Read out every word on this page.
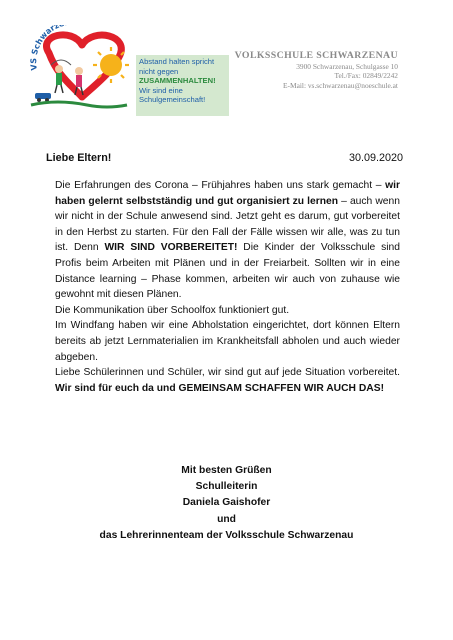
VS Schwarz
Abstand halten spricht
nicht gegen
ZUSAMMENHALTEN!
Wir sind eine
Schulgemeinschaft!
VOLKSSCHULE SCHWARZENAU
3900 Schwarzenau, Schulgasse 10
Tel./Fax: 02849/2242
E-Mail: vs.schwarzenau@noeschule.at
Liebe Eltern!	30.09.2020

Die Erfahrungen des Corona – Frühjahres haben uns stark gemacht – wir haben gelernt selbstständig und gut organisiert zu lernen – auch wenn wir nicht in der Schule anwesend sind. Jetzt geht es darum, gut vorbereitet in den Herbst zu starten. Für den Fall der Fälle wissen wir alle, was zu tun ist. Denn WIR SIND VORBEREITET! Die Kinder der Volksschule sind Profis beim Arbeiten mit Plänen und in der Freiarbeit. Sollten wir in eine Distance learning – Phase kommen, arbeiten wir auch von zuhause wie gewohnt mit diesen Plänen.

Die Kommunikation über Schoolfox funktioniert gut.

Im Windfang haben wir eine Abholstation eingerichtet, dort können Eltern bereits ab jetzt Lernmaterialien im Krankheitsfall abholen und auch wieder abgeben.

Liebe Schülerinnen und Schüler, wir sind gut auf jede Situation vorbereitet. Wir sind für euch da und GEMEINSAM SCHAFFEN WIR AUCH DAS!

Mit besten Grüßen
Schulleiterin
Daniela Gaishofer
und
das Lehrerinnenteam der Volksschule Schwarzenau
